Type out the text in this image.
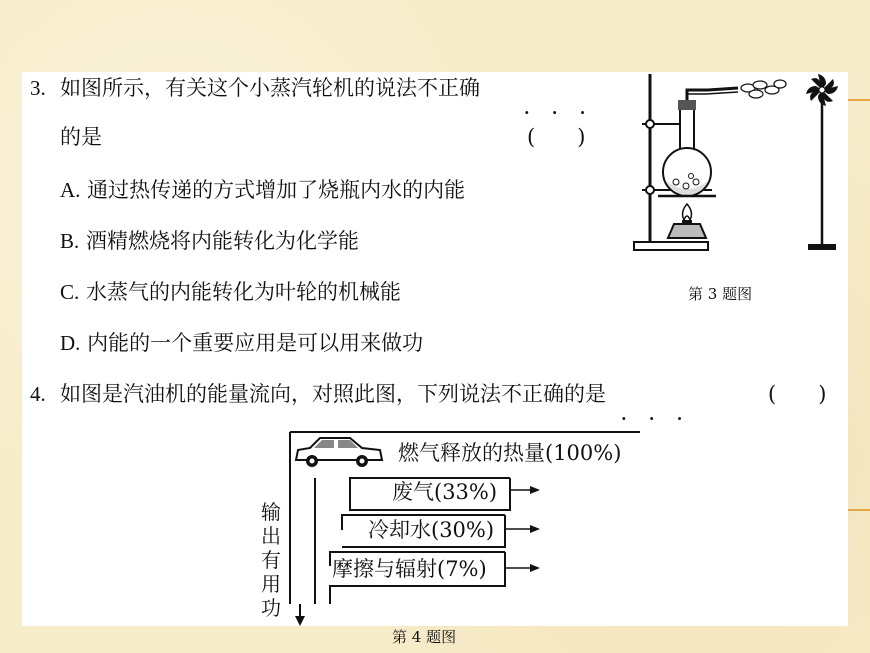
3. 如图所示，有关这个小蒸汽轮机的说法不正确
·    ·    ·
的是	(　　)
A. 通过热传递的方式增加了烧瓶内水的内能
B. 酒精燃烧将内能转化为化学能
C. 水蒸气的内能转化为叶轮的机械能
D. 内能的一个重要应用是可以用来做功
第 3 题图
4. 如图是汽油机的能量流向，对照此图，下列说法不正确的是
·    ·    ·
(　　)
燃气释放的热量(100%)
废气(33%)
冷却水(30%)
摩擦与辐射(7%)
输
出
有
用
功
第 4 题图
